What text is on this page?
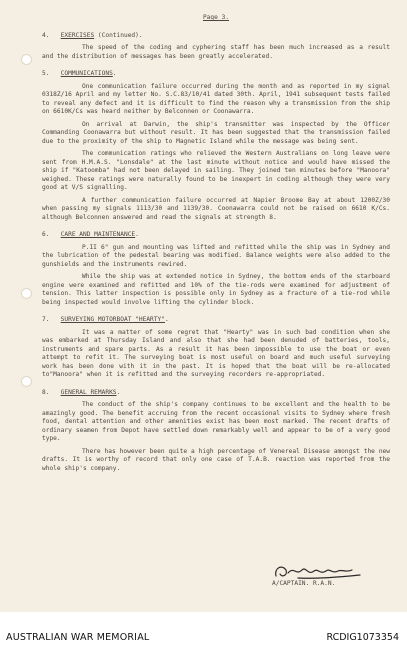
Page 3.
4. EXERCISES (Continued).

The speed of the coding and cyphering staff has been much increased as a result and the distribution of messages has been greatly accelerated.

5. COMMUNICATIONS.

One communication failure occurred during the month and as reported in my signal 0318Z/16 April and my letter No. S.C.83/10/41 dated 30th. April, 1941 subsequent tests failed to reveal any defect and it is difficult to find the reason why a transmission from the ship on 6610K/Cs was heard neither by Belconnen or Coonawarra.

On arrival at Darwin, the ship's transmitter was inspected by the Officer Commanding Coonawarra but without result. It has been suggested that the transmission failed due to the proximity of the ship to Magnetic Island while the message was being sent.

The communication ratings who relieved the Western Australians on long leave were sent from H.M.A.S. "Lonsdale" at the last minute without notice and would have missed the ship if "Katoomba" had not been delayed in sailing. They joined ten minutes before "Manoora" weighed. These ratings were naturally found to be inexpert in coding although they were very good at V/S signalling.

A further communication failure occurred at Napier Broome Bay at about 1200Z/30 when passing my signals 1113/30 and 1139/30. Coonawarra could not be raised on 6610 K/Cs. although Belconnen answered and read the signals at strength 8.

6. CARE AND MAINTENANCE.

P.II 6" gun and mounting was lifted and refitted while the ship was in Sydney and the lubrication of the pedestal bearing was modified. Balance weights were also added to the gunshields and the instruments rewired.

While the ship was at extended notice in Sydney, the bottom ends of the starboard engine were examined and refitted and 10% of the tie-rods were examined for adjustment of tension. This latter inspection is possible only in Sydney as a fracture of a tie-rod while being inspected would involve lifting the cylinder block.

7. SURVEYING MOTORBOAT "HEARTY".

It was a matter of some regret that "Hearty" was in such bad condition when she was embarked at Thursday Island and also that she had been denuded of batteries, tools, instruments and spare parts. As a result it has been impossible to use the boat or even attempt to refit it. The surveying boat is most useful on board and much useful surveying work has been done with it in the past. It is hoped that the boat will be re-allocated to"Manoora" when it is refitted and the surveying recorders re-appropriated.

8. GENERAL REMARKS.

The conduct of the ship's company continues to be excellent and the health to be amazingly good. The benefit accruing from the recent occasional visits to Sydney where fresh food, dental attention and other amenities exist has been most marked. The recent drafts of ordinary seamen from Depot have settled down remarkably well and appear to be of a very good type.

There has however been quite a high percentage of Venereal Disease amongst the new drafts. It is worthy of record that only one case of T.A.B. reaction was reported from the whole ship's company.

A/CAPTAIN. R.A.N.
AUSTRALIAN WAR MEMORIAL	RCDIG1073354
